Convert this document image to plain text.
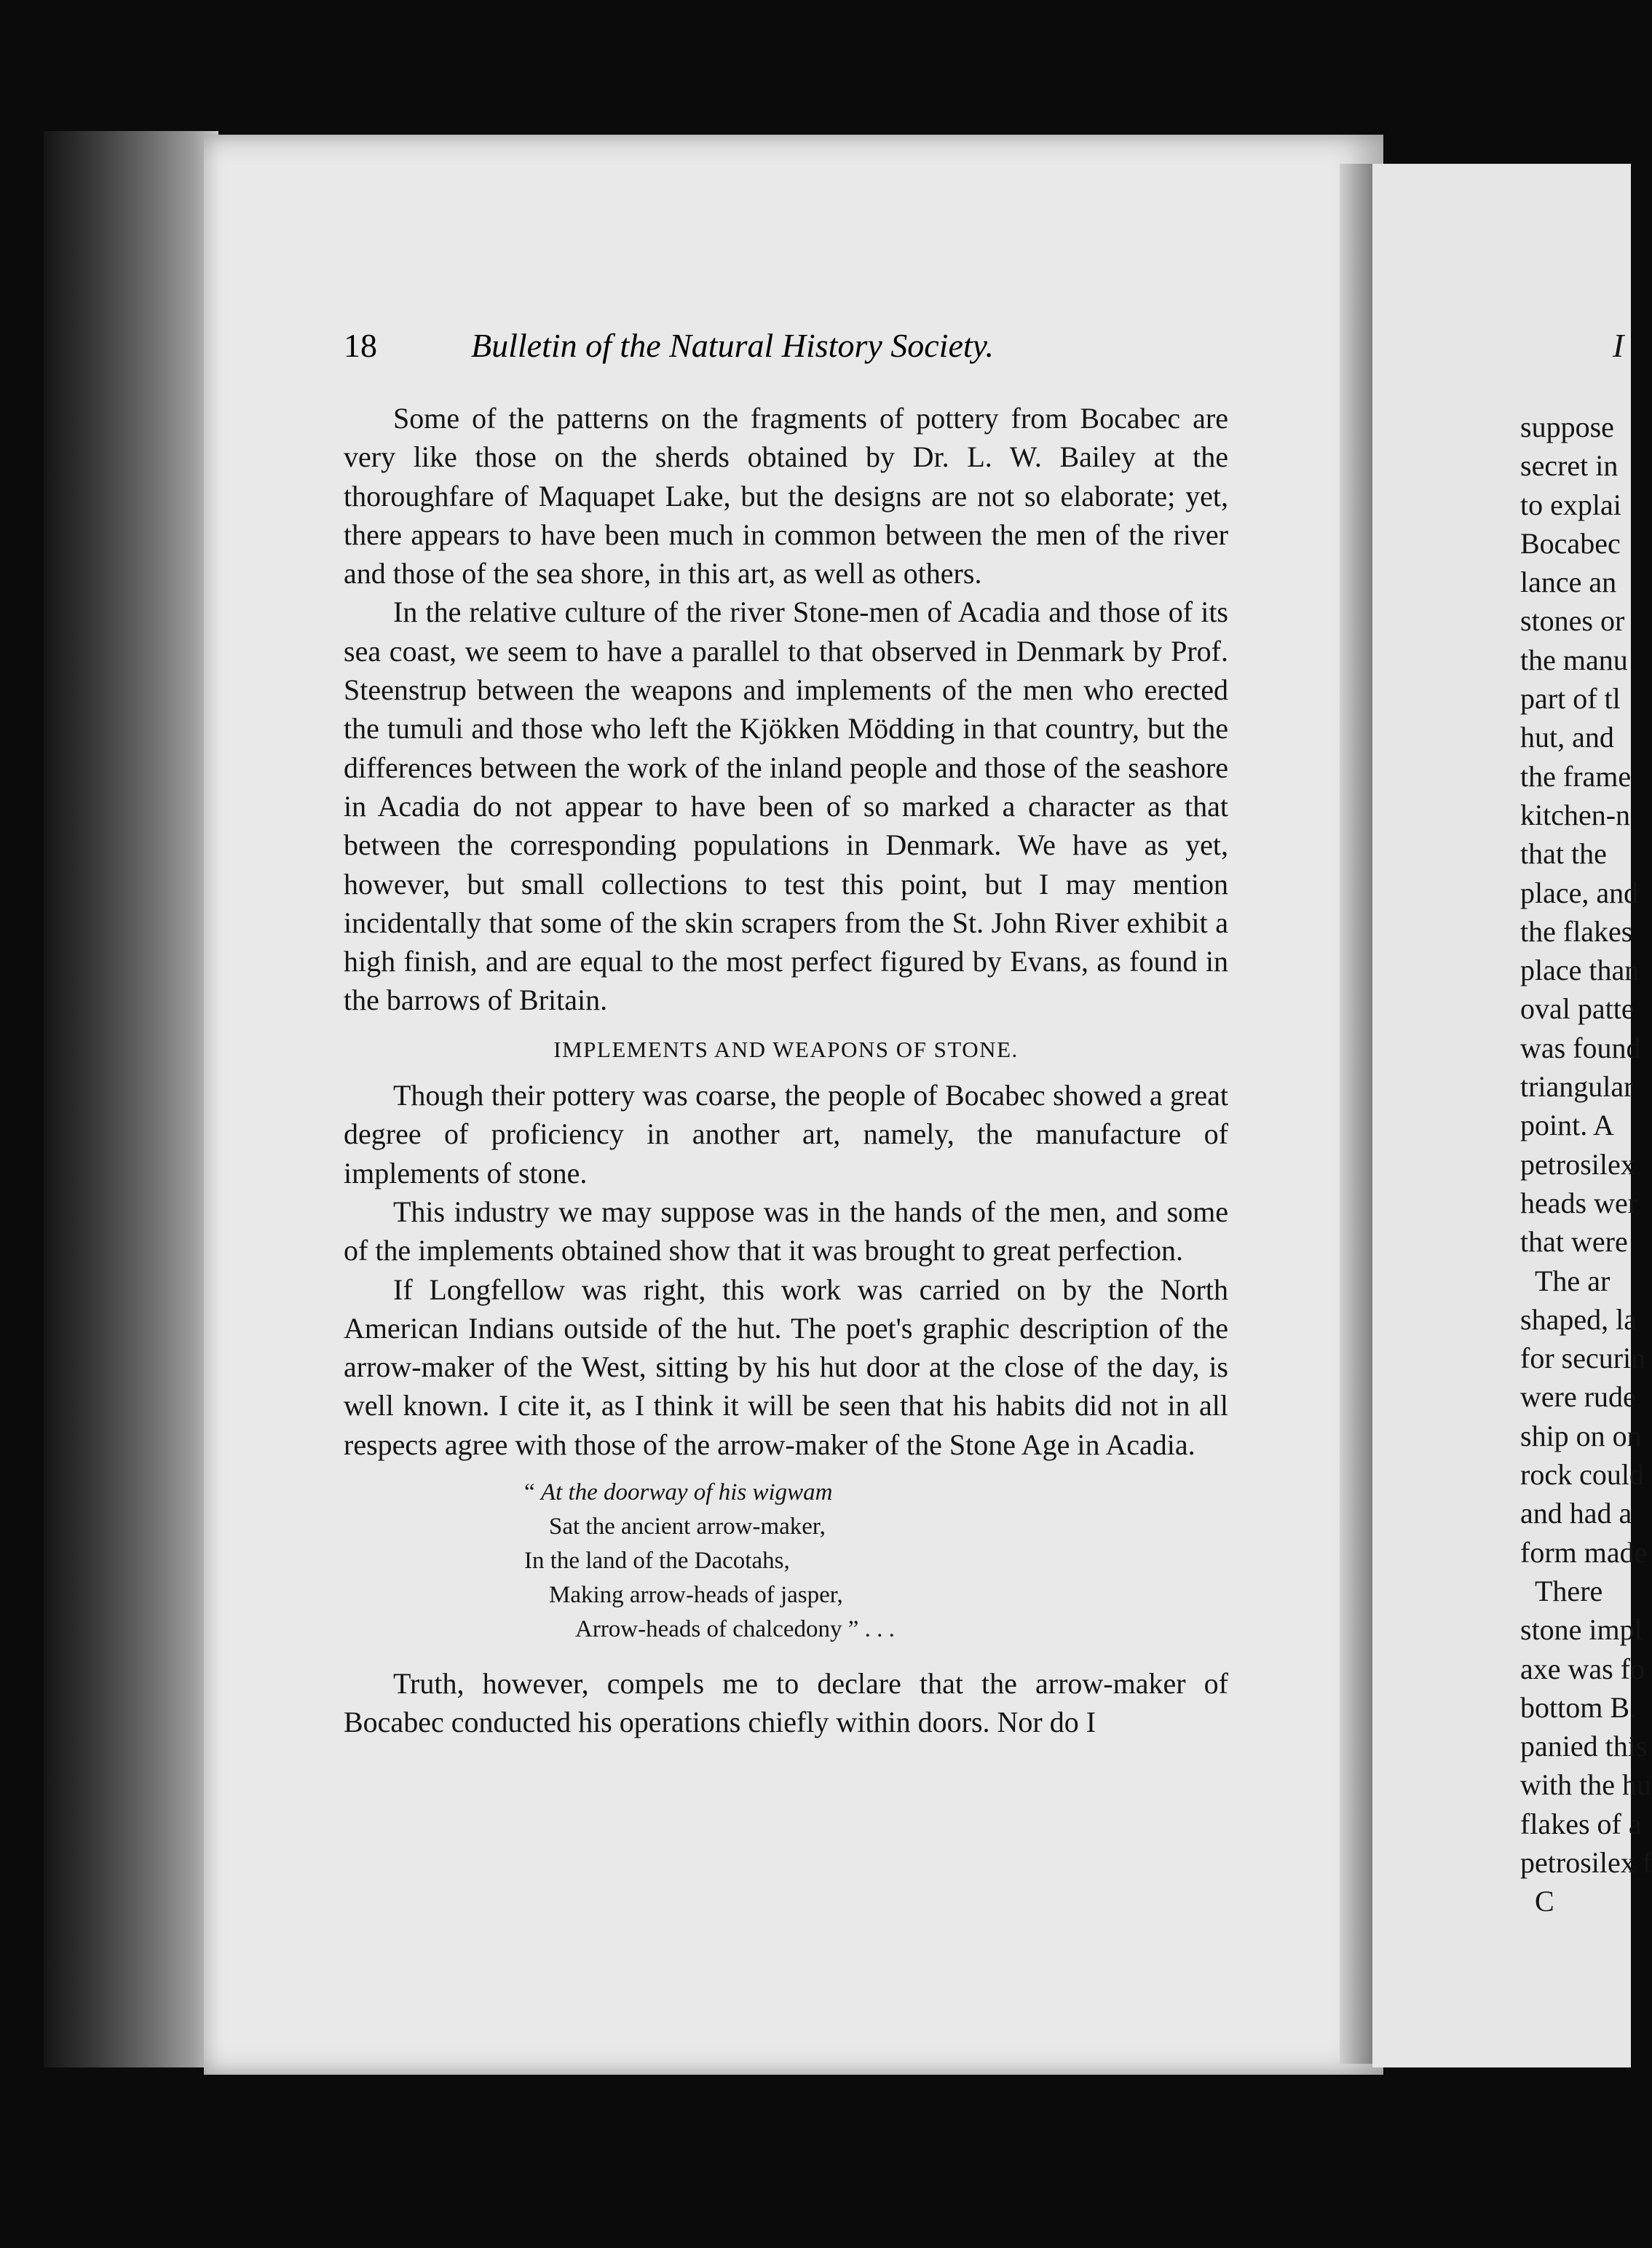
18	Bulletin of the Natural History Society.

Some of the patterns on the fragments of pottery from Bocabec are very like those on the sherds obtained by Dr. L. W. Bailey at the thoroughfare of Maquapet Lake, but the designs are not so elaborate; yet, there appears to have been much in common between the men of the river and those of the sea shore, in this art, as well as others.

In the relative culture of the river Stone-men of Acadia and those of its sea coast, we seem to have a parallel to that observed in Denmark by Prof. Steenstrup between the weapons and implements of the men who erected the tumuli and those who left the Kjökken Mödding in that country, but the differences between the work of the inland people and those of the seashore in Acadia do not appear to have been of so marked a character as that between the corresponding populations in Denmark. We have as yet, however, but small collections to test this point, but I may mention incidentally that some of the skin scrapers from the St. John River exhibit a high finish, and are equal to the most perfect figured by Evans, as found in the barrows of Britain.

IMPLEMENTS AND WEAPONS OF STONE.

Though their pottery was coarse, the people of Bocabec showed a great degree of proficiency in another art, namely, the manufacture of implements of stone.

This industry we may suppose was in the hands of the men, and some of the implements obtained show that it was brought to great perfection.

If Longfellow was right, this work was carried on by the North American Indians outside of the hut. The poet's graphic description of the arrow-maker of the West, sitting by his hut door at the close of the day, is well known. I cite it, as I think it will be seen that his habits did not in all respects agree with those of the arrow-maker of the Stone Age in Acadia.

“ At the doorway of his wigwam
Sat the ancient arrow-maker,
In the land of the Dacotahs,
Making arrow-heads of jasper,
Arrow-heads of chalcedony ” . . .

Truth, however, compels me to declare that the arrow-maker of Bocabec conducted his operations chiefly within doors. Nor do I

I
suppose
secret in
to explai
Bocabec
lance an
stones or
the manu
part of tl
hut, and
the frame
kitchen-n
that the
place, and
the flakes
place than
oval patte
was found
triangular
point. A
petrosilex
heads wer
that were
The ar
shaped, la
for securin
were rude
ship on on
rock could
and had a
form made
There
stone impl
axe was fo
bottom B.
panied this
with the hu
flakes of a
petrosilex f
C
